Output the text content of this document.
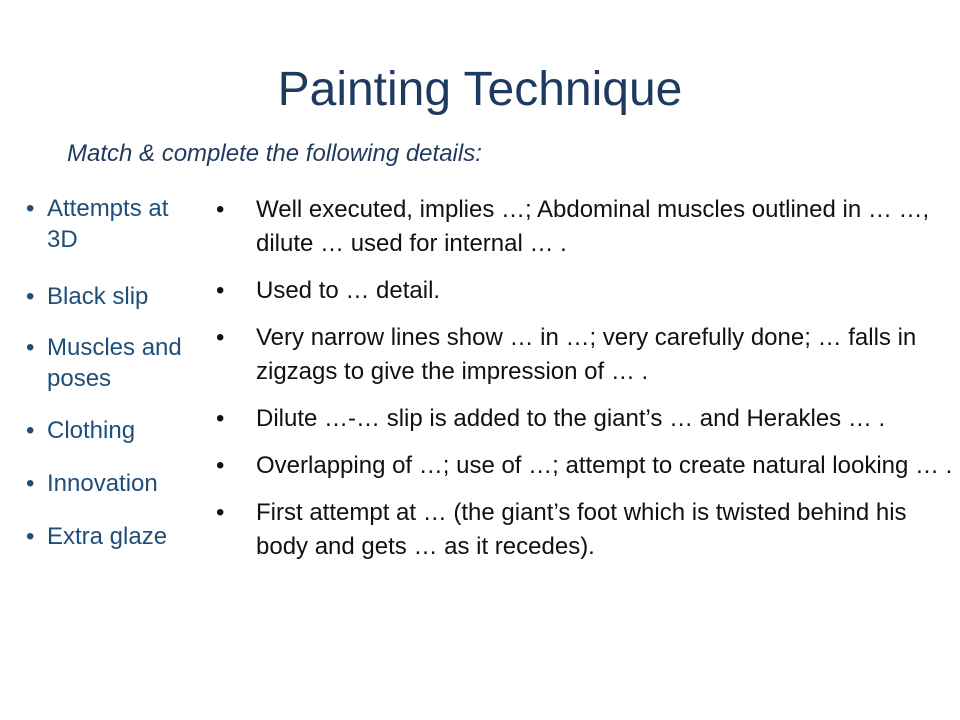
Painting Technique
Match & complete the following details:
• Attempts at 3D
• Black slip
• Muscles and poses
• Clothing
• Innovation
• Extra glaze
• Well executed, implies …; Abdominal muscles outlined in … …, dilute … used for internal … .
• Used to … detail.
• Very narrow lines show … in …; very carefully done; … falls in zigzags to give the impression of … .
• Dilute …-… slip is added to the giant’s … and Herakles … .
• Overlapping of …; use of …; attempt to create natural looking … .
• First attempt at … (the giant’s foot which is twisted behind his body and gets … as it recedes).
